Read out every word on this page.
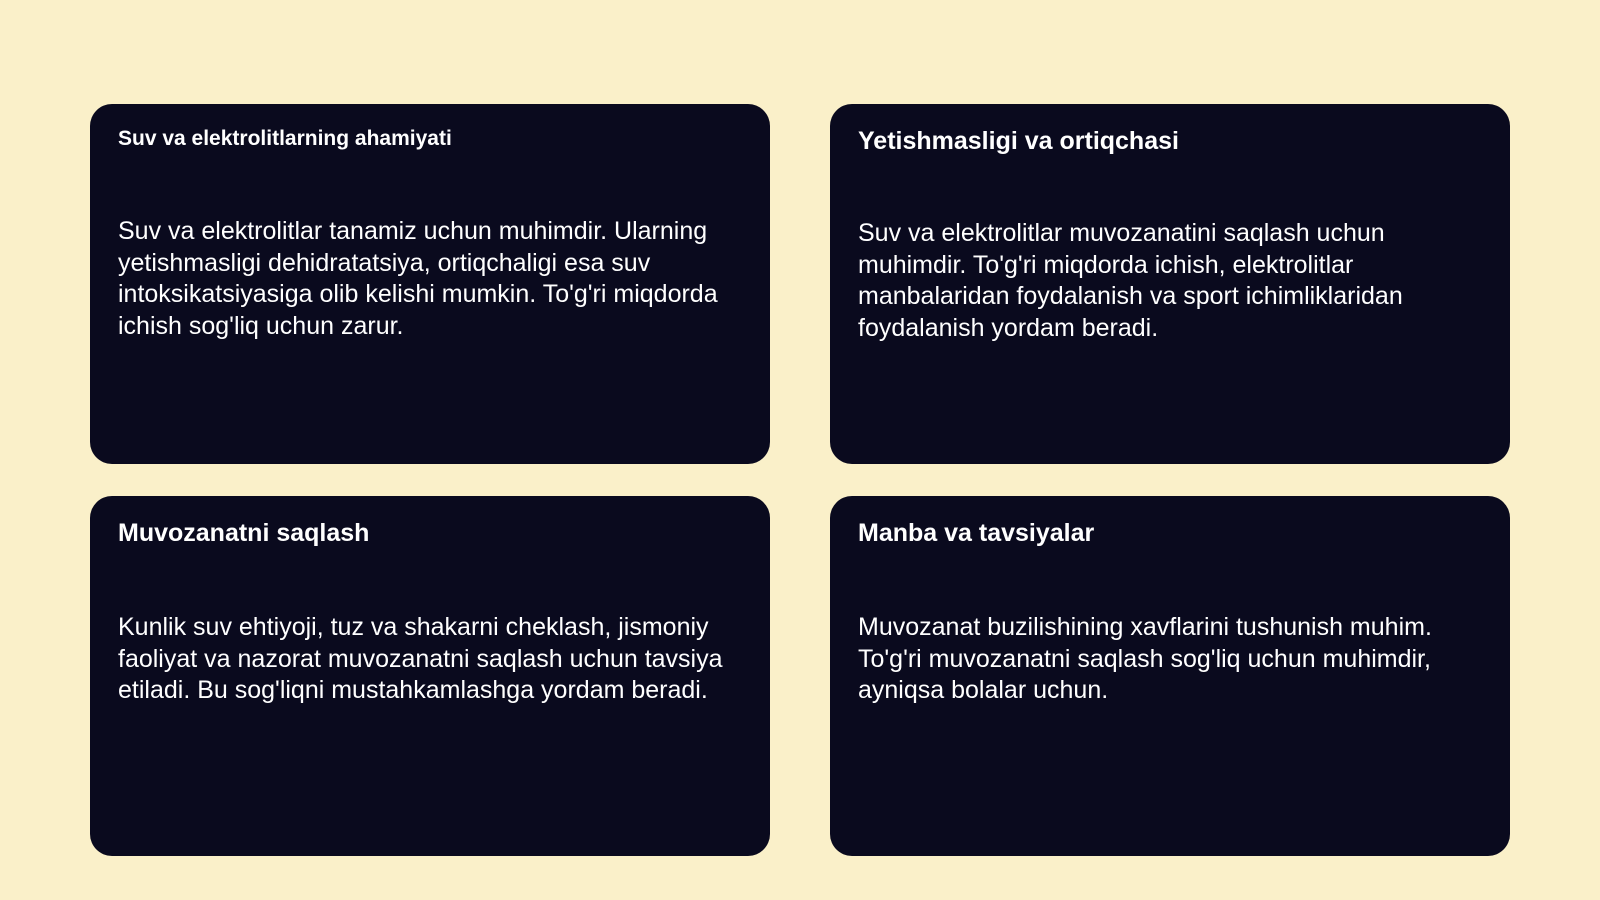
Suv va elektrolitlarning ahamiyati

Suv va elektrolitlar tanamiz uchun muhimdir. Ularning yetishmasligi dehidratatsiya, ortiqchaligi esa suv intoksikatsiyasiga olib kelishi mumkin. To'g'ri miqdorda ichish sog'liq uchun zarur.

Yetishmasligi va ortiqchasi

Suv va elektrolitlar muvozanatini saqlash uchun muhimdir. To'g'ri miqdorda ichish, elektrolitlar manbalaridan foydalanish va sport ichimliklaridan foydalanish yordam beradi.

Muvozanatni saqlash

Kunlik suv ehtiyoji, tuz va shakarni cheklash, jismoniy faoliyat va nazorat muvozanatni saqlash uchun tavsiya etiladi. Bu sog'liqni mustahkamlashga yordam beradi.

Manba va tavsiyalar

Muvozanat buzilishining xavflarini tushunish muhim. To'g'ri muvozanatni saqlash sog'liq uchun muhimdir, ayniqsa bolalar uchun.
